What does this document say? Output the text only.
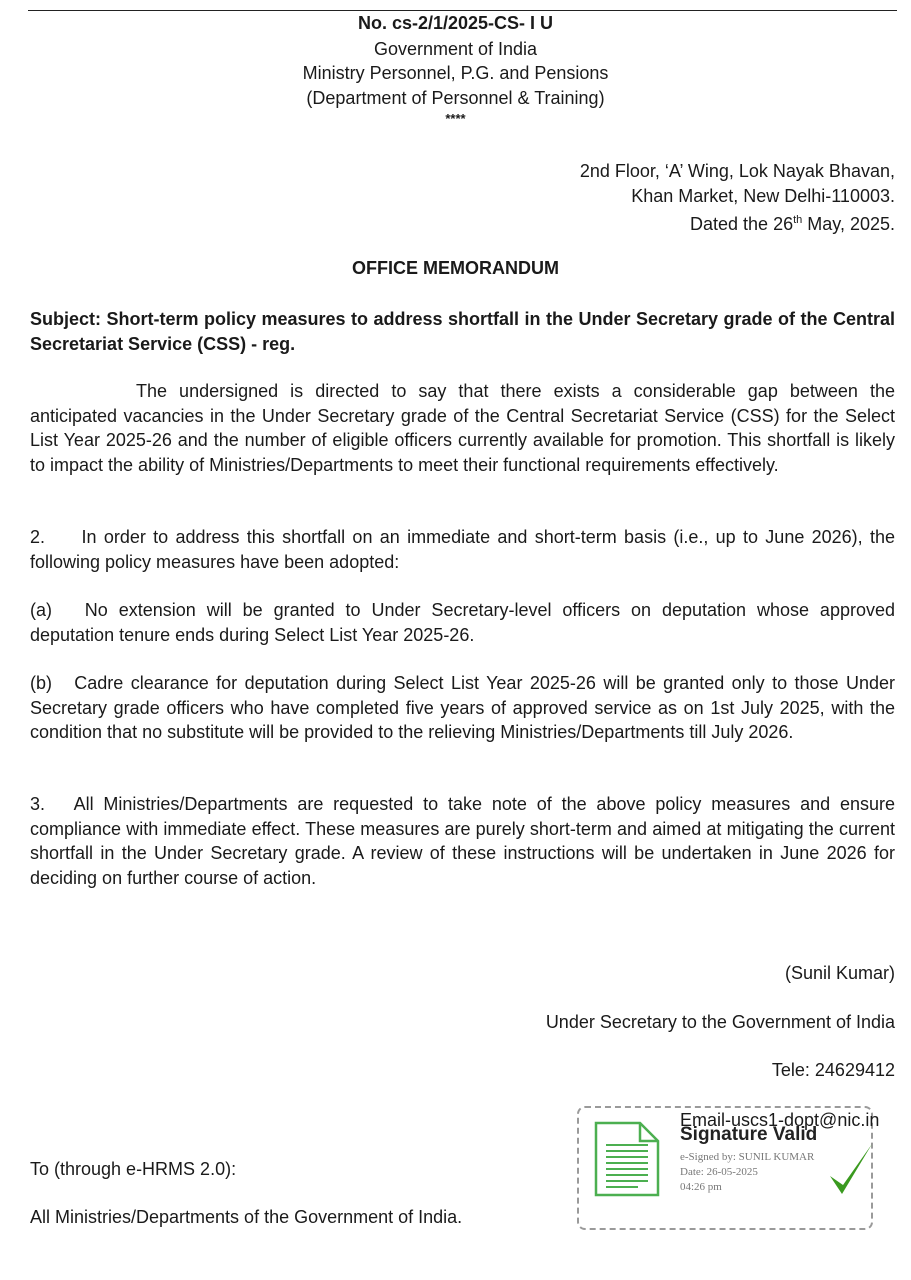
No. cs-2/1/2025-CS- I U
Government of India
Ministry Personnel, P.G. and Pensions
(Department of Personnel & Training)
****
2nd Floor, ‘A’ Wing, Lok Nayak Bhavan,
Khan Market, New Delhi-110003.
Dated the 26th May, 2025.
OFFICE MEMORANDUM
Subject: Short-term policy measures to address shortfall in the Under Secretary grade of the Central Secretariat Service (CSS) - reg.
The undersigned is directed to say that there exists a considerable gap between the anticipated vacancies in the Under Secretary grade of the Central Secretariat Service (CSS) for the Select List Year 2025-26 and the number of eligible officers currently available for promotion. This shortfall is likely to impact the ability of Ministries/Departments to meet their functional requirements effectively.
2.     In order to address this shortfall on an immediate and short-term basis (i.e., up to June 2026), the following policy measures have been adopted:
(a)   No extension will be granted to Under Secretary-level officers on deputation whose approved deputation tenure ends during Select List Year 2025-26.
(b)   Cadre clearance for deputation during Select List Year 2025-26 will be granted only to those Under Secretary grade officers who have completed five years of approved service as on 1st July 2025, with the condition that no substitute will be provided to the relieving Ministries/Departments till July 2026.
3.   All Ministries/Departments are requested to take note of the above policy measures and ensure compliance with immediate effect. These measures are purely short-term and aimed at mitigating the current shortfall in the Under Secretary grade. A review of these instructions will be undertaken in June 2026 for deciding on further course of action.
(Sunil Kumar)
Under Secretary to the Government of India
Tele: 24629412
Email-uscs1-dopt@nic.in
Signature Valid
e-Signed by: SUNIL KUMAR
Date: 26-05-2025
04:26 pm
To (through e-HRMS 2.0):
All Ministries/Departments of the Government of India.
